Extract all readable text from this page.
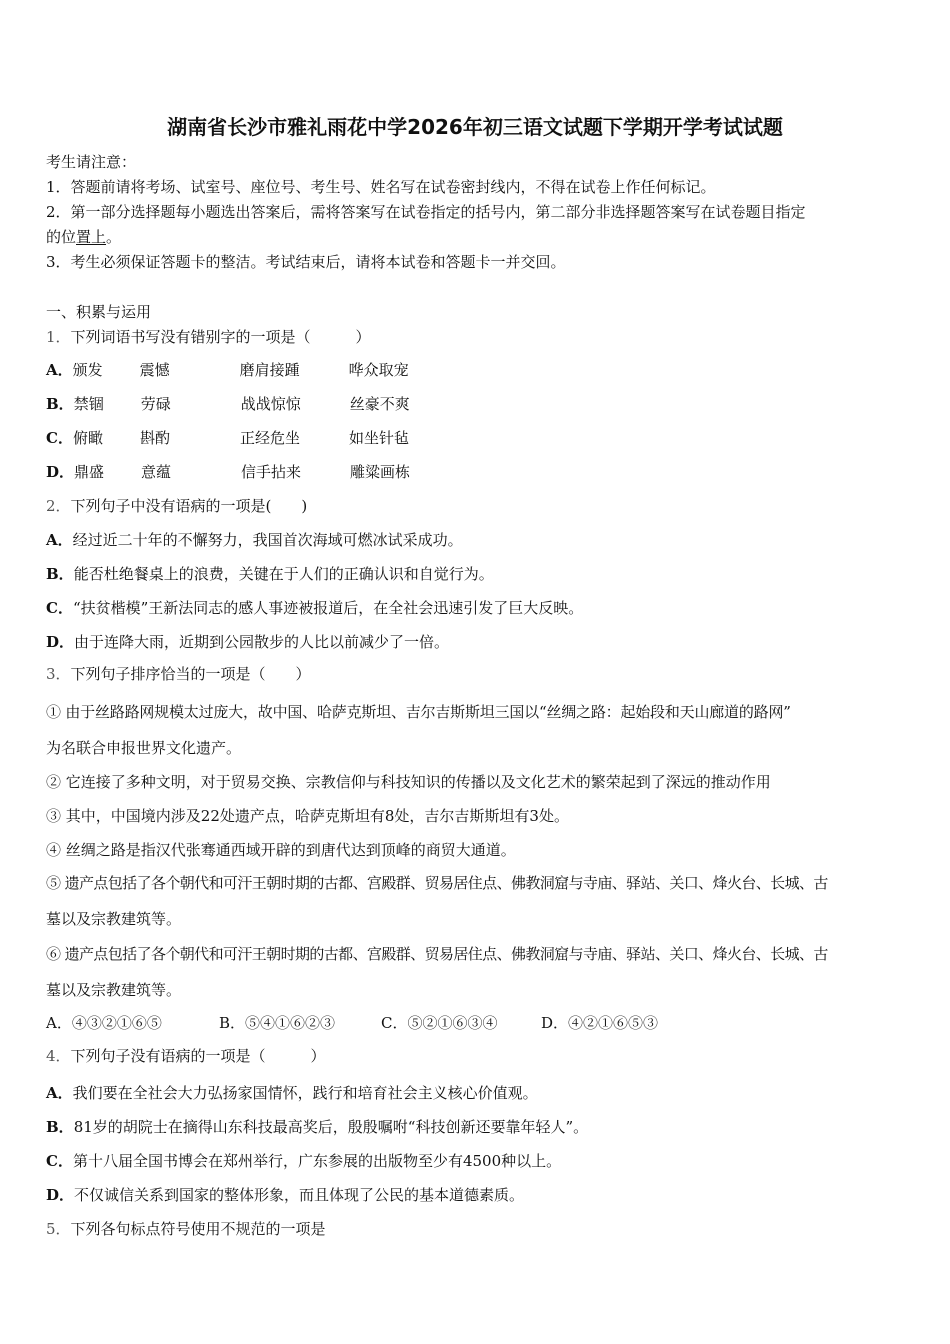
湖南省长沙市雅礼雨花中学2026年初三语文试题下学期开学考试试题
考生请注意：
1．答题前请将考场、试室号、座位号、考生号、姓名写在试卷密封线内，不得在试卷上作任何标记。
2．第一部分选择题每小题选出答案后，需将答案写在试卷指定的括号内，第二部分非选择题答案写在试卷题目指定
的位置上。
3．考生必须保证答题卡的整洁。考试结束后，请将本试卷和答题卡一并交回。
一、积累与运用
1．下列词语书写没有错别字的一项是（　　　）
A．颁发 震憾	磨肩接踵	哗众取宠
B．禁锢 劳碌	战战惊惊	丝豪不爽
C．俯瞰 斟酌	正经危坐	如坐针毡
D．鼎盛 意蕴	信手拈来	雕粱画栋
2．下列句子中没有语病的一项是(　　)
A．经过近二十年的不懈努力，我国首次海域可燃冰试采成功。
B．能否杜绝餐桌上的浪费，关键在于人们的正确认识和自觉行为。
C．“扶贫楷模”王新法同志的感人事迹被报道后，在全社会迅速引发了巨大反映。
D．由于连降大雨，近期到公园散步的人比以前减少了一倍。
3．下列句子排序恰当的一项是（　　）
① 由于丝路路网规模太过庞大，故中国、哈萨克斯坦、吉尔吉斯斯坦三国以“丝绸之路：起始段和天山廊道的路网”
为名联合申报世界文化遗产。
② 它连接了多种文明，对于贸易交换、宗教信仰与科技知识的传播以及文化艺术的繁荣起到了深远的推动作用
③ 其中，中国境内涉及22处遗产点，哈萨克斯坦有8处，吉尔吉斯斯坦有3处。
④ 丝绸之路是指汉代张骞通西域开辟的到唐代达到顶峰的商贸大通道。
⑤ 遗产点包括了各个朝代和可汗王朝时期的古都、宫殿群、贸易居住点、佛教洞窟与寺庙、驿站、关口、烽火台、长城、古
墓以及宗教建筑等。
⑥ 遗产点包括了各个朝代和可汗王朝时期的古都、宫殿群、贸易居住点、佛教洞窟与寺庙、驿站、关口、烽火台、长城、古
墓以及宗教建筑等。
A．④③②①⑥⑤	B．⑤④①⑥②③	C．⑤②①⑥③④	D．④②①⑥⑤③
4．下列句子没有语病的一项是（　　　）
A．我们要在全社会大力弘扬家国情怀，践行和培育社会主义核心价值观。
B．81岁的胡院士在摘得山东科技最高奖后，殷殷嘱咐“科技创新还要靠年轻人”。
C．第十八届全国书博会在郑州举行，广东参展的出版物至少有4500种以上。
D．不仅诚信关系到国家的整体形象，而且体现了公民的基本道德素质。
5．下列各句标点符号使用不规范的一项是
